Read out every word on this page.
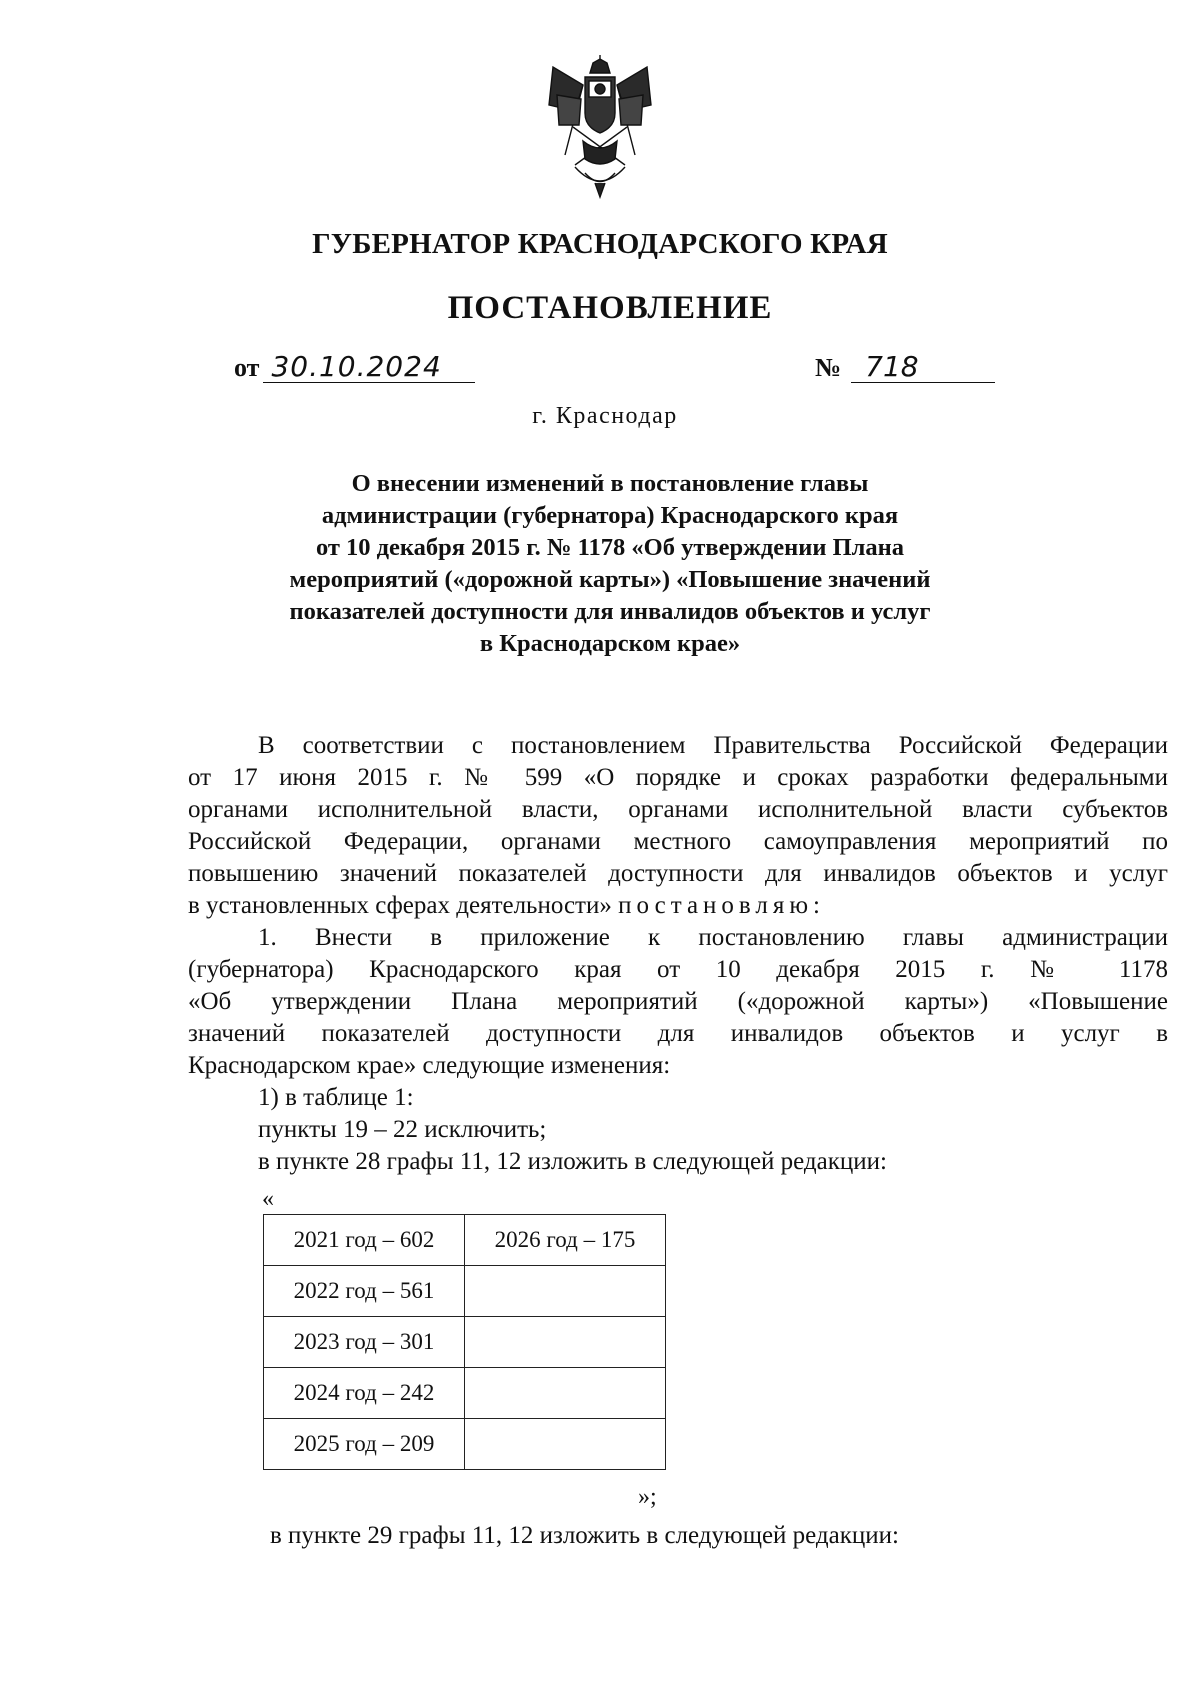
ГУБЕРНАТОР КРАСНОДАРСКОГО КРАЯ
ПОСТАНОВЛЕНИЕ
от 30.10.2024	№ 718
г. Краснодар
О внесении изменений в постановление главы
администрации (губернатора) Краснодарского края
от 10 декабря 2015 г. № 1178 «Об утверждении Плана
мероприятий («дорожной карты») «Повышение значений
показателей доступности для инвалидов объектов и услуг
в Краснодарском крае»
В соответствии с постановлением Правительства Российской Федерации
от 17 июня 2015 г. № 599 «О порядке и сроках разработки федеральными
органами исполнительной власти, органами исполнительной власти субъектов
Российской Федерации, органами местного самоуправления мероприятий по
повышению значений показателей доступности для инвалидов объектов и услуг
в установленных сферах деятельности» постановляю:
1. Внести в приложение к постановлению главы администрации
(губернатора) Краснодарского края от 10 декабря 2015 г. № 1178
«Об утверждении Плана мероприятий («дорожной карты») «Повышение
значений показателей доступности для инвалидов объектов и услуг в
Краснодарском крае» следующие изменения:
1) в таблице 1:
пункты 19 – 22 исключить;
в пункте 28 графы 11, 12 изложить в следующей редакции:
«
2021 год – 602	2026 год – 175
2022 год – 561	
2023 год – 301	
2024 год – 242	
2025 год – 209	
»;
в пункте 29 графы 11, 12 изложить в следующей редакции:
